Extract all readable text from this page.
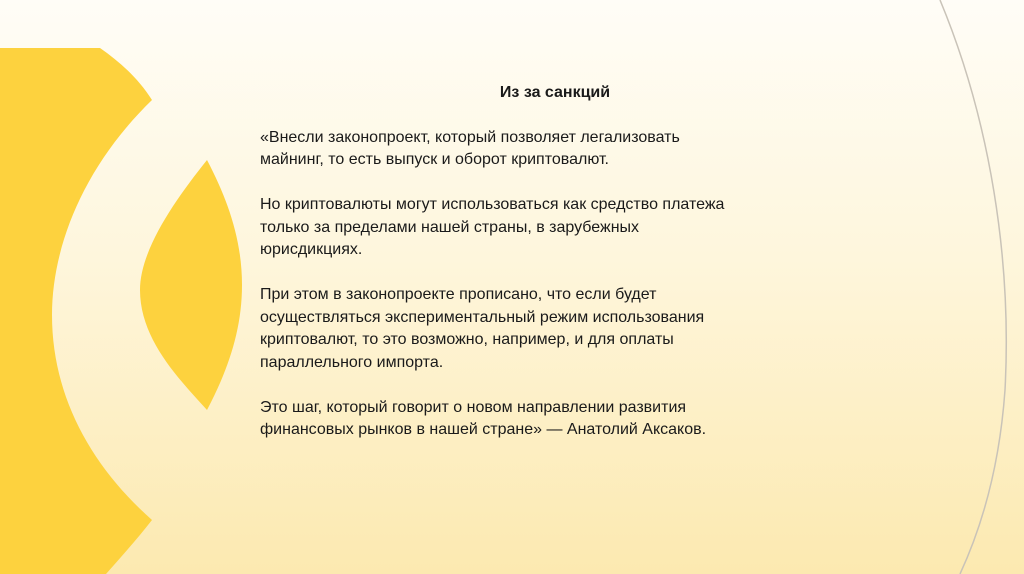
Из за санкций
«Внесли законопроект, который позволяет легализовать
майнинг, то есть выпуск и оборот криптовалют.
Но криптовалюты могут использоваться как средство платежа
только за пределами нашей страны, в зарубежных
юрисдикциях.
При этом в законопроекте прописано, что если будет
осуществляться экспериментальный режим использования
криптовалют, то это возможно, например, и для оплаты
параллельного импорта.
Это шаг, который говорит о новом направлении развития
финансовых рынков в нашей стране» — Анатолий Аксаков.
